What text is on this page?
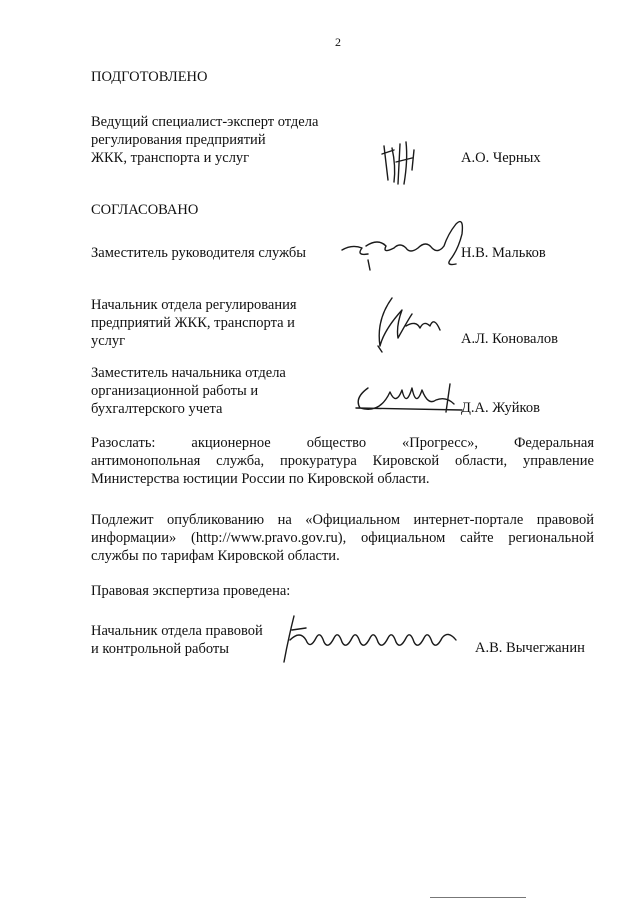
2
ПОДГОТОВЛЕНО
Ведущий специалист-эксперт отдела
регулирования предприятий
ЖКК, транспорта и услуг	А.О. Черных
СОГЛАСОВАНО
Заместитель руководителя службы	Н.В. Мальков
Начальник отдела регулирования
предприятий ЖКК, транспорта и
услуг	А.Л. Коновалов
Заместитель начальника отдела
организационной работы и
бухгалтерского учета	Д.А. Жуйков
Разослать: акционерное общество «Прогресс», Федеральная
антимонопольная служба, прокуратура Кировской области, управление
Министерства юстиции России по Кировской области.
Подлежит опубликованию на «Официальном интернет-портале правовой
информации» (http://www.pravo.gov.ru), официальном сайте региональной
службы по тарифам Кировской области.
Правовая экспертиза проведена:
Начальник отдела правовой
и контрольной работы	А.В. Вычегжанин
